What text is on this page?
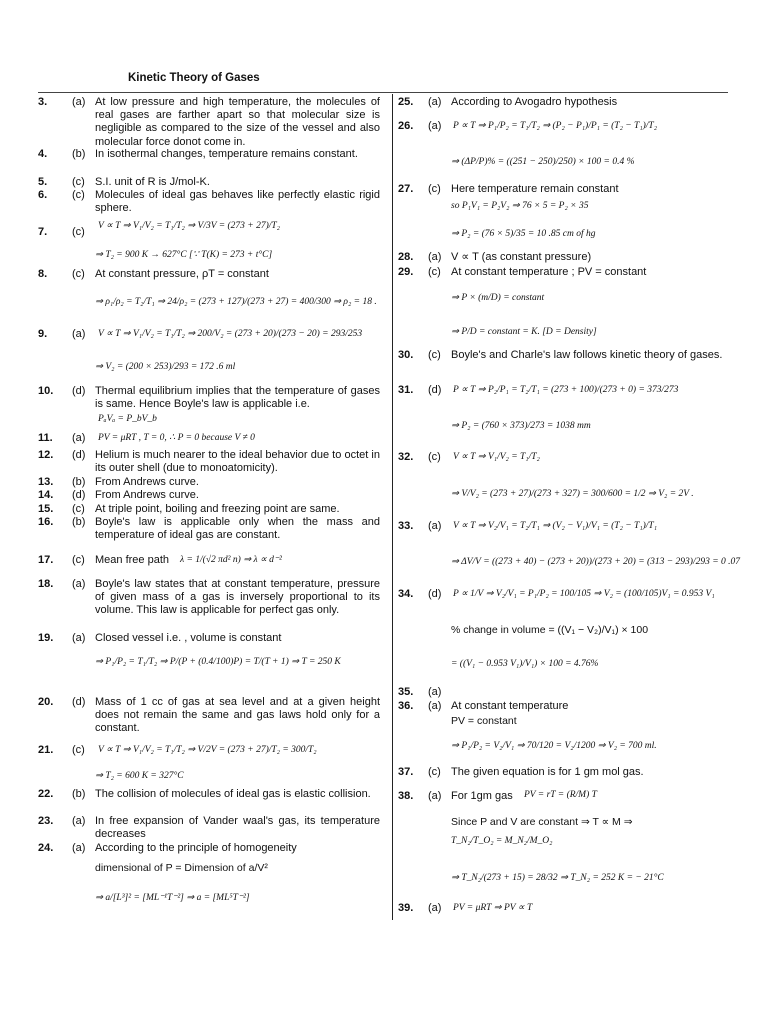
Kinetic Theory of Gases
3.	(a) At low pressure and high temperature, the molecules of real gases are farther apart so that molecular size is negligible as compared to the size of the vessel and also molecular force donot come in.
4.	(b) In isothermal changes, temperature remains constant.
5.	(c) S.I. unit of R is J/mol-K.
6.	(c) Molecules of ideal gas behaves like perfectly elastic rigid sphere.
7.	(c)	V ∝ T ⇒ V₁/V₂ = T₁/T₂ ⇒ V/3V = (273 + 27)/T₂
⇒ T₂ = 900 K → 627°C [∵ T(K) = 273 + t°C]
8.	(c) At constant pressure, ρT = constant
⇒ ρ₁/ρ₂ = T₂/T₁ ⇒ 24/ρ₂ = (273 + 127)/(273 + 27) = 400/300 ⇒ ρ₂ = 18 .
9.	(a)	V ∝ T ⇒ V₁/V₂ = T₁/T₂ ⇒ 200/V₂ = (273 + 20)/(273 − 20) = 293/253
⇒ V₂ = (200 × 253)/293 = 172 .6 ml
10.	(d) Thermal equilibrium implies that the temperature of gases is same. Hence Boyle's law is applicable i.e.
PₐVₐ = P_bV_b
11.	(a)	PV = μRT , T = 0, ∴ P = 0 because V ≠ 0
12.	(d) Helium is much nearer to the ideal behavior due to octet in its outer shell (due to monoatomicity).
13.	(b) From Andrews curve.
14.	(d) From Andrews curve.
15.	(c) At triple point, boiling and freezing point are same.
16.	(b) Boyle's law is applicable only when the mass and temperature of ideal gas are constant.
17.	(c) Mean free path	λ = 1/(√2 πd² n) ⇒ λ ∝ d⁻²
18.	(a) Boyle's law states that at constant temperature, pressure of given mass of a gas is inversely proportional to its volume. This law is applicable for perfect gas only.
19.	(a) Closed vessel i.e. , volume is constant
⇒ P₁/P₂ = T₁/T₂ ⇒ P/(P + (0.4/100)P) = T/(T + 1) ⇒ T = 250 K
20.	(d) Mass of 1 cc of gas at sea level and at a given height does not remain the same and gas laws hold only for a constant.
21.	(c)	V ∝ T ⇒ V₁/V₂ = T₁/T₂ ⇒ V/2V = (273 + 27)/T₂ = 300/T₂
⇒ T₂ = 600 K = 327°C
22.	(b) The collision of molecules of ideal gas is elastic collision.
23.	(a) In free expansion of Vander waal's gas, its temperature decreases
24.	(a) According to the principle of homogeneity
dimensional of P = Dimension of a/V²
⇒ a/[L³]² = [ML⁻¹T⁻²] ⇒ a = [ML⁵T⁻²]
25.	(a) According to Avogadro hypothesis
26.	(a)	P ∝ T ⇒ P₁/P₂ = T₁/T₂ ⇒ (P₂ − P₁)/P₁ = (T₂ − T₁)/T₂
⇒ (ΔP/P)% = ((251 − 250)/250) × 100 = 0.4 %
27.	(c) Here temperature remain constant
so P₁V₁ = P₂V₂ ⇒ 76 × 5 = P₂ × 35
⇒ P₂ = (76 × 5)/35 = 10 .85 cm of hg
28.	(a) V ∝ T (as constant pressure)
29.	(c) At constant temperature ; PV = constant
⇒ P × (m/D) = constant
⇒ P/D = constant = K. [D = Density]
30.	(c) Boyle's and Charle's law follows kinetic theory of gases.
31.	(d)	P ∝ T ⇒ P₂/P₁ = T₂/T₁ = (273 + 100)/(273 + 0) = 373/273
⇒ P₂ = (760 × 373)/273 = 1038 mm
32.	(c)	V ∝ T ⇒ V₁/V₂ = T₁/T₂
⇒ V/V₂ = (273 + 27)/(273 + 327) = 300/600 = 1/2 ⇒ V₂ = 2V .
33.	(a)	V ∝ T ⇒ V₂/V₁ = T₂/T₁ ⇒ (V₂ − V₁)/V₁ = (T₂ − T₁)/T₁
⇒ ΔV/V = ((273 + 40) − (273 + 20))/(273 + 20) = (313 − 293)/293 = 0 .07
34.	(d)	P ∝ 1/V ⇒ V₂/V₁ = P₁/P₂ = 100/105 ⇒ V₂ = (100/105)V₁ = 0.953 V₁
% change in volume = ((V₁ − V₂)/V₁) × 100
= ((V₁ − 0.953 V₁)/V₁) × 100 = 4.76%
35.	(a)
36.	(a) At constant temperature
PV = constant
⇒ P₁/P₂ = V₂/V₁ ⇒ 70/120 = V₂/1200 ⇒ V₂ = 700 ml.
37.	(c) The given equation is for 1 gm mol gas.
38.	(a) For 1gm gas	PV = rT = (R/M) T
Since P and V are constant ⇒ T ∝ M ⇒
T_N₂/T_O₂ = M_N₂/M_O₂
⇒ T_N₂/(273 + 15) = 28/32 ⇒ T_N₂ = 252 K = − 21°C
39.	(a)	PV = μRT ⇒ PV ∝ T
